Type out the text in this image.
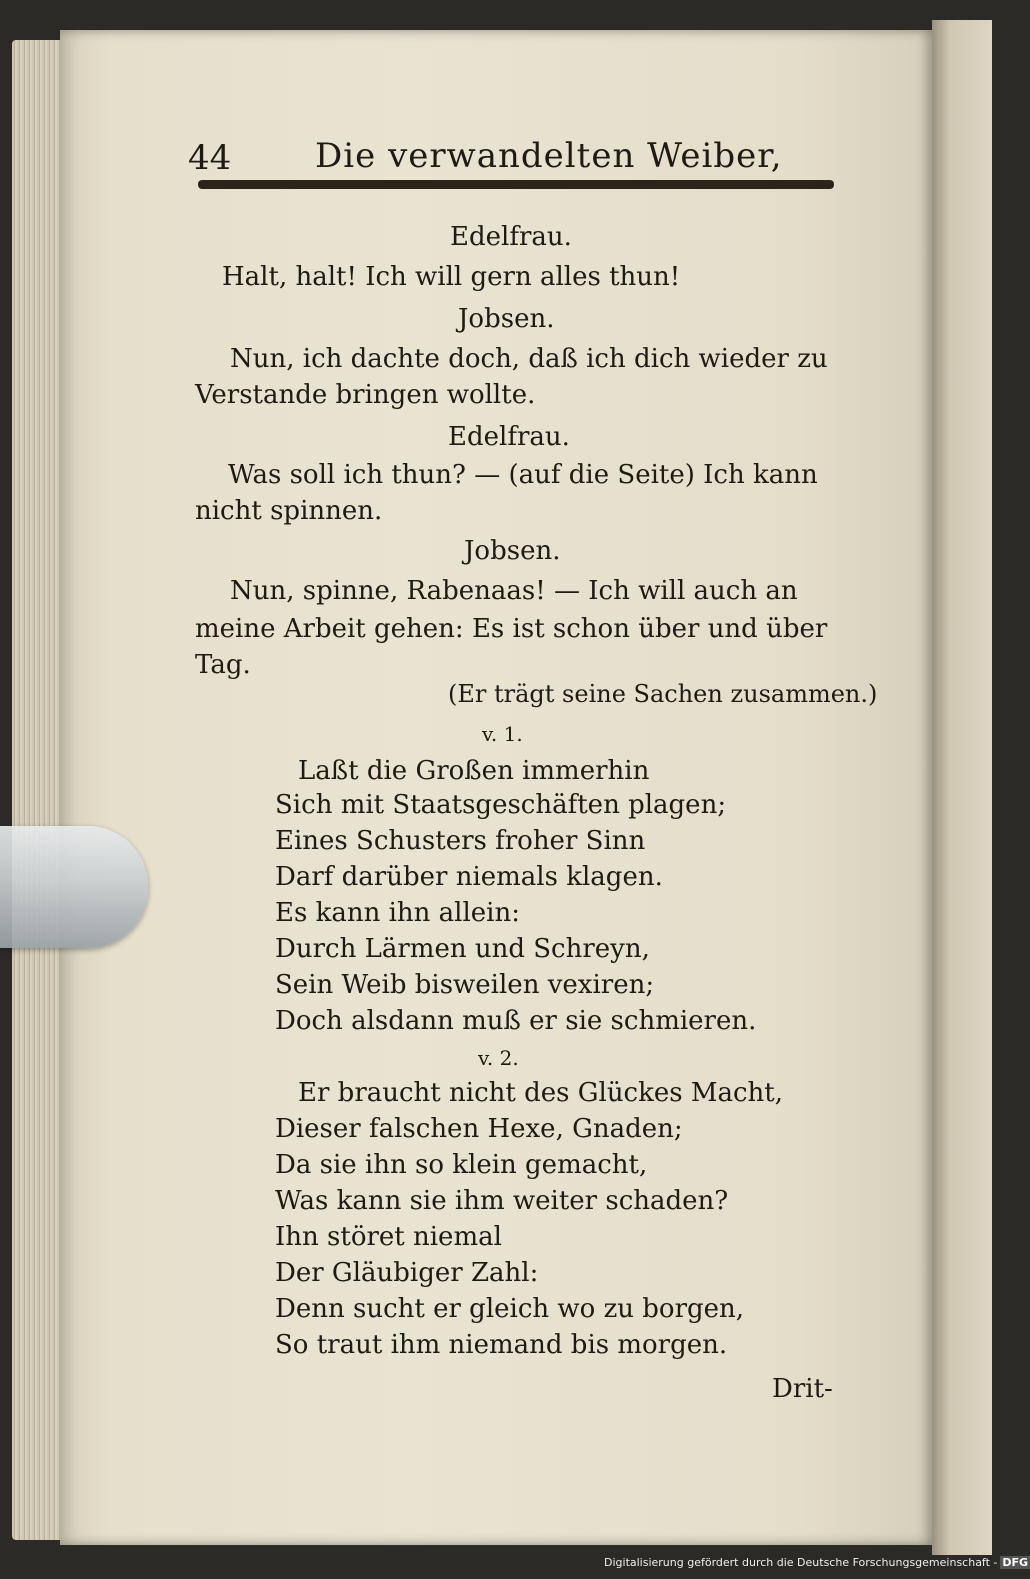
44 Die verwandelten Weiber,
Edelfrau.
Halt, halt! Ich will gern alles thun!
Jobsen.
Nun, ich dachte doch, daß ich dich wieder zu
Verstande bringen wollte.
Edelfrau.
Was soll ich thun? — (auf die Seite) Ich kann
nicht spinnen.
Jobsen.
Nun, spinne, Rabenaas! — Ich will auch an
meine Arbeit gehen: Es ist schon über und über
Tag.
(Er trägt seine Sachen zusammen.)
v. 1.
Laßt die Großen immerhin
Sich mit Staatsgeschäften plagen;
Eines Schusters froher Sinn
Darf darüber niemals klagen.
Es kann ihn allein:
Durch Lärmen und Schreyn,
Sein Weib bisweilen vexiren;
Doch alsdann muß er sie schmieren.
v. 2.
Er braucht nicht des Glückes Macht,
Dieser falschen Hexe, Gnaden;
Da sie ihn so klein gemacht,
Was kann sie ihm weiter schaden?
Ihn störet niemal
Der Gläubiger Zahl:
Denn sucht er gleich wo zu borgen,
So traut ihm niemand bis morgen.
Drit-
Digitalisierung gefördert durch die Deutsche Forschungsgemeinschaft - DFG
